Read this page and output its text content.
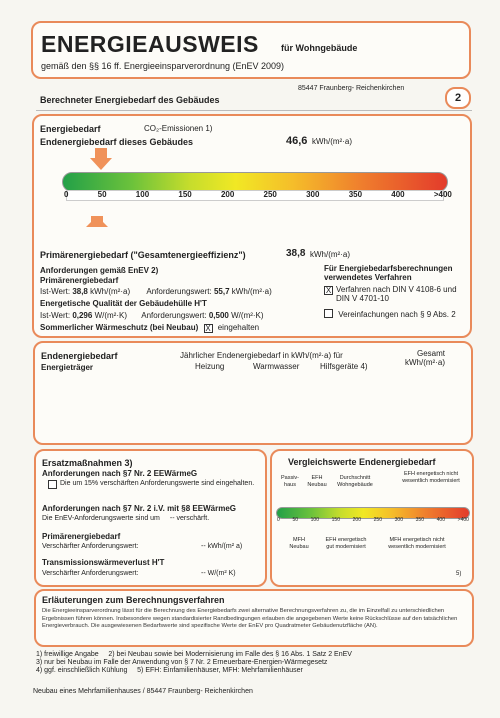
ENERGIEAUSWEIS für Wohngebäude
gemäß den §§ 16 ff. Energieeinsparverordnung (EnEV 2009)
85447 Fraunberg- Reichenkirchen
Berechneter Energiebedarf des Gebäudes	2
Energiebedarf	CO₂-Emissionen 1)
Endenergiebedarf dieses Gebäudes	46,6 kWh/(m²·a)
0	50	100	150	200	250	300	350	400	>400
Primärenergiebedarf ("Gesamtenergieeffizienz")	38,8 kWh/(m²·a)
Anforderungen gemäß EnEV 2)
Primärenergiebedarf
Ist-Wert: 38,8 kWh/(m²·a) Anforderungswert: 55,7 kWh/(m²·a)
Energetische Qualität der Gebäudehülle H'T
Ist-Wert: 0,296 W/(m²·K) Anforderungswert: 0,500 W/(m²·K)
Sommerlicher Wärmeschutz (bei Neubau) X eingehalten
Für Energiebedarfsberechnungen verwendetes Verfahren
X Verfahren nach DIN V 4108-6 und DIN V 4701-10
Vereinfachungen nach § 9 Abs. 2
Endenergiebedarf
Energieträger
Jährlicher Endenergiebedarf in kWh/(m²·a) für
Heizung	Warmwasser	Hilfsgeräte 4)
Gesamt
kWh/(m²·a)
Ersatzmaßnahmen 3)
Anforderungen nach §7 Nr. 2 EEWärmeG
Die um 15% verschärften Anforderungswerte sind eingehalten.
Anforderungen nach §7 Nr. 2 i.V. mit §8 EEWärmeG
Die EnEV-Anforderungswerte sind um -- verschärft.
Primärenergiebedarf
Verschärfter Anforderungswert:	-- kWh/(m² a)
Transmissionswärmeverlust H'T
Verschärfter Anforderungswert:	-- W/(m² K)
Vergleichswerte Endenergiebedarf
Passiv- haus
EFH Neubau
Durchschnitt Wohngebäude
EFH energetisch nicht wesentlich modernisiert
0	50	100	150	200	250	300	350	400	>400
MFH Neubau
EFH energetisch gut modernisiert
MFH energetisch nicht wesentlich modernisiert
5)
Erläuterungen zum Berechnungsverfahren
Die Energieeinsparverordnung lässt für die Berechnung des Energiebedarfs zwei alternative Berechnungsverfahren zu, die im Einzelfall zu unterschiedlichen Ergebnissen führen können. Insbesondere wegen standardisierter Randbedingungen erlauben die angegebenen Werte keine Rückschlüsse auf den tatsächlichen Energieverbrauch. Die ausgewiesenen Bedarfswerte sind spezifische Werte der EnEV pro Quadratmeter Gebäudenutzfläche (AN).
1) freiwillige Angabe     2) bei Neubau sowie bei Modernisierung im Falle des § 16 Abs. 1 Satz 2 EnEV
3) nur bei Neubau im Falle der Anwendung von § 7 Nr. 2 Erneuerbare-Energien-Wärmegesetz
4) ggf. einschließlich Kühlung     5) EFH: Einfamilienhäuser, MFH: Mehrfamilienhäuser
Neubau eines Mehrfamilienhauses / 85447 Fraunberg- Reichenkirchen
